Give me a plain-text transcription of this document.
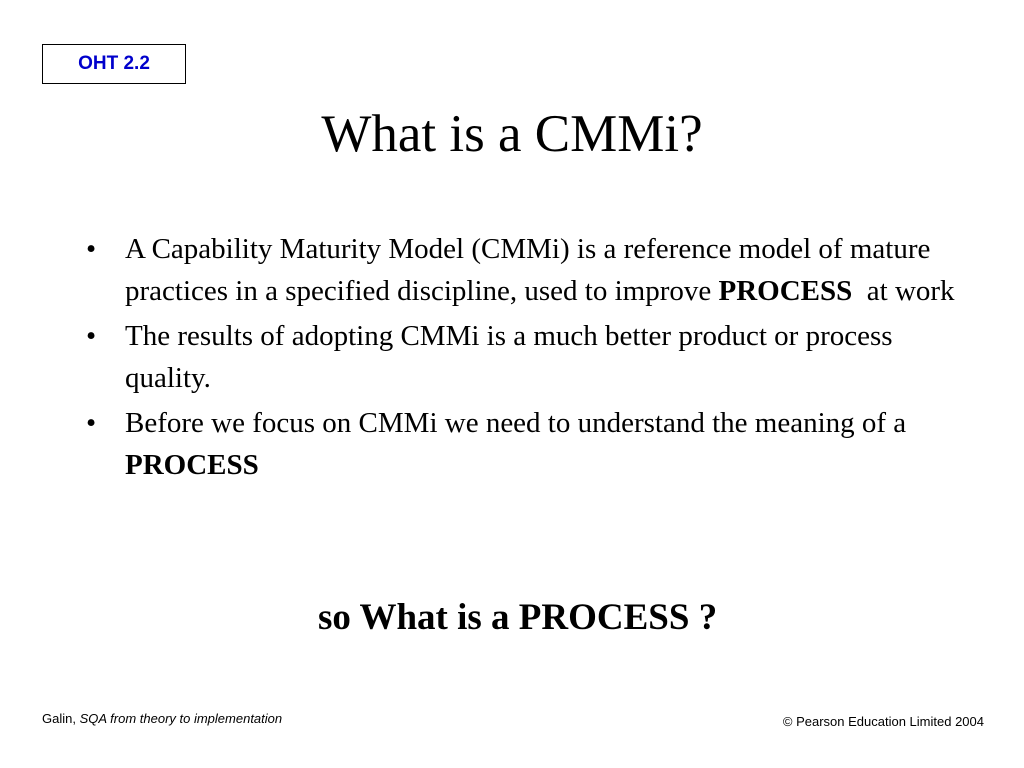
OHT 2.2
What is a CMMi?
• A Capability Maturity Model (CMMi) is a reference model of mature practices in a specified discipline, used to improve PROCESS  at work
• The results of adopting CMMi is a much better product or process quality.
• Before we focus on CMMi we need to understand the meaning of a PROCESS

so What is a PROCESS ?

Galin, SQA from theory to implementation	© Pearson Education Limited 2004
